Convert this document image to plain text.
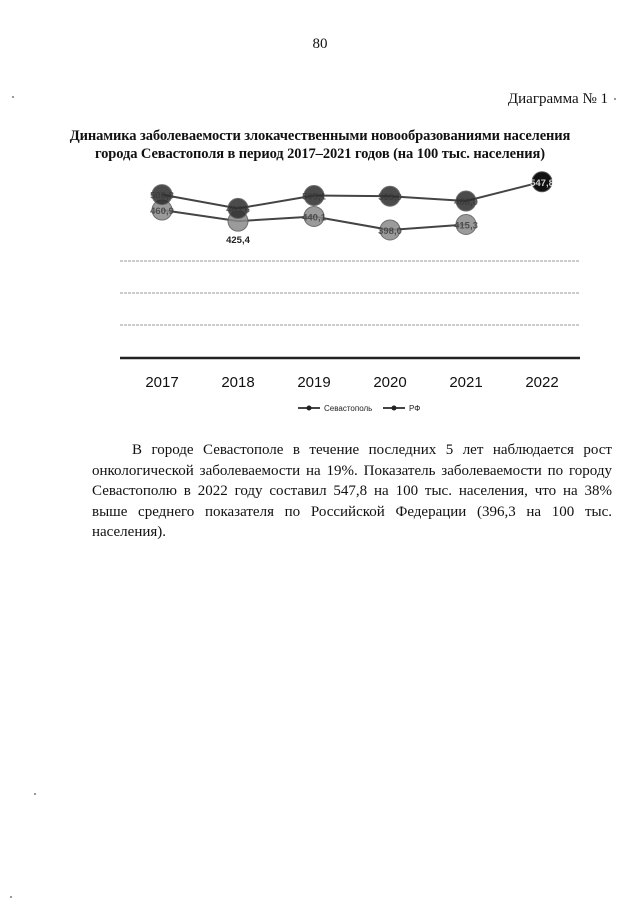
80
Диаграмма № 1
Динамика заболеваемости злокачественными новообразованиями населения города Севастополя в период 2017–2021 годов (на 100 тыс. населения)
2017	2018	2019	2020	2021	2022
460,9
425,4
440,1
398,0	415,3
508,8
465,6
505,1	503,0	488,0
547,8
Севастополь	РФ
В городе Севастополе в течение последних 5 лет наблюдается рост онкологической заболеваемости на 19%. Показатель заболеваемости по городу Севастополю в 2022 году составил 547,8 на 100 тыс. населения, что на 38% выше среднего показателя по Российской Федерации (396,3 на 100 тыс. населения).
